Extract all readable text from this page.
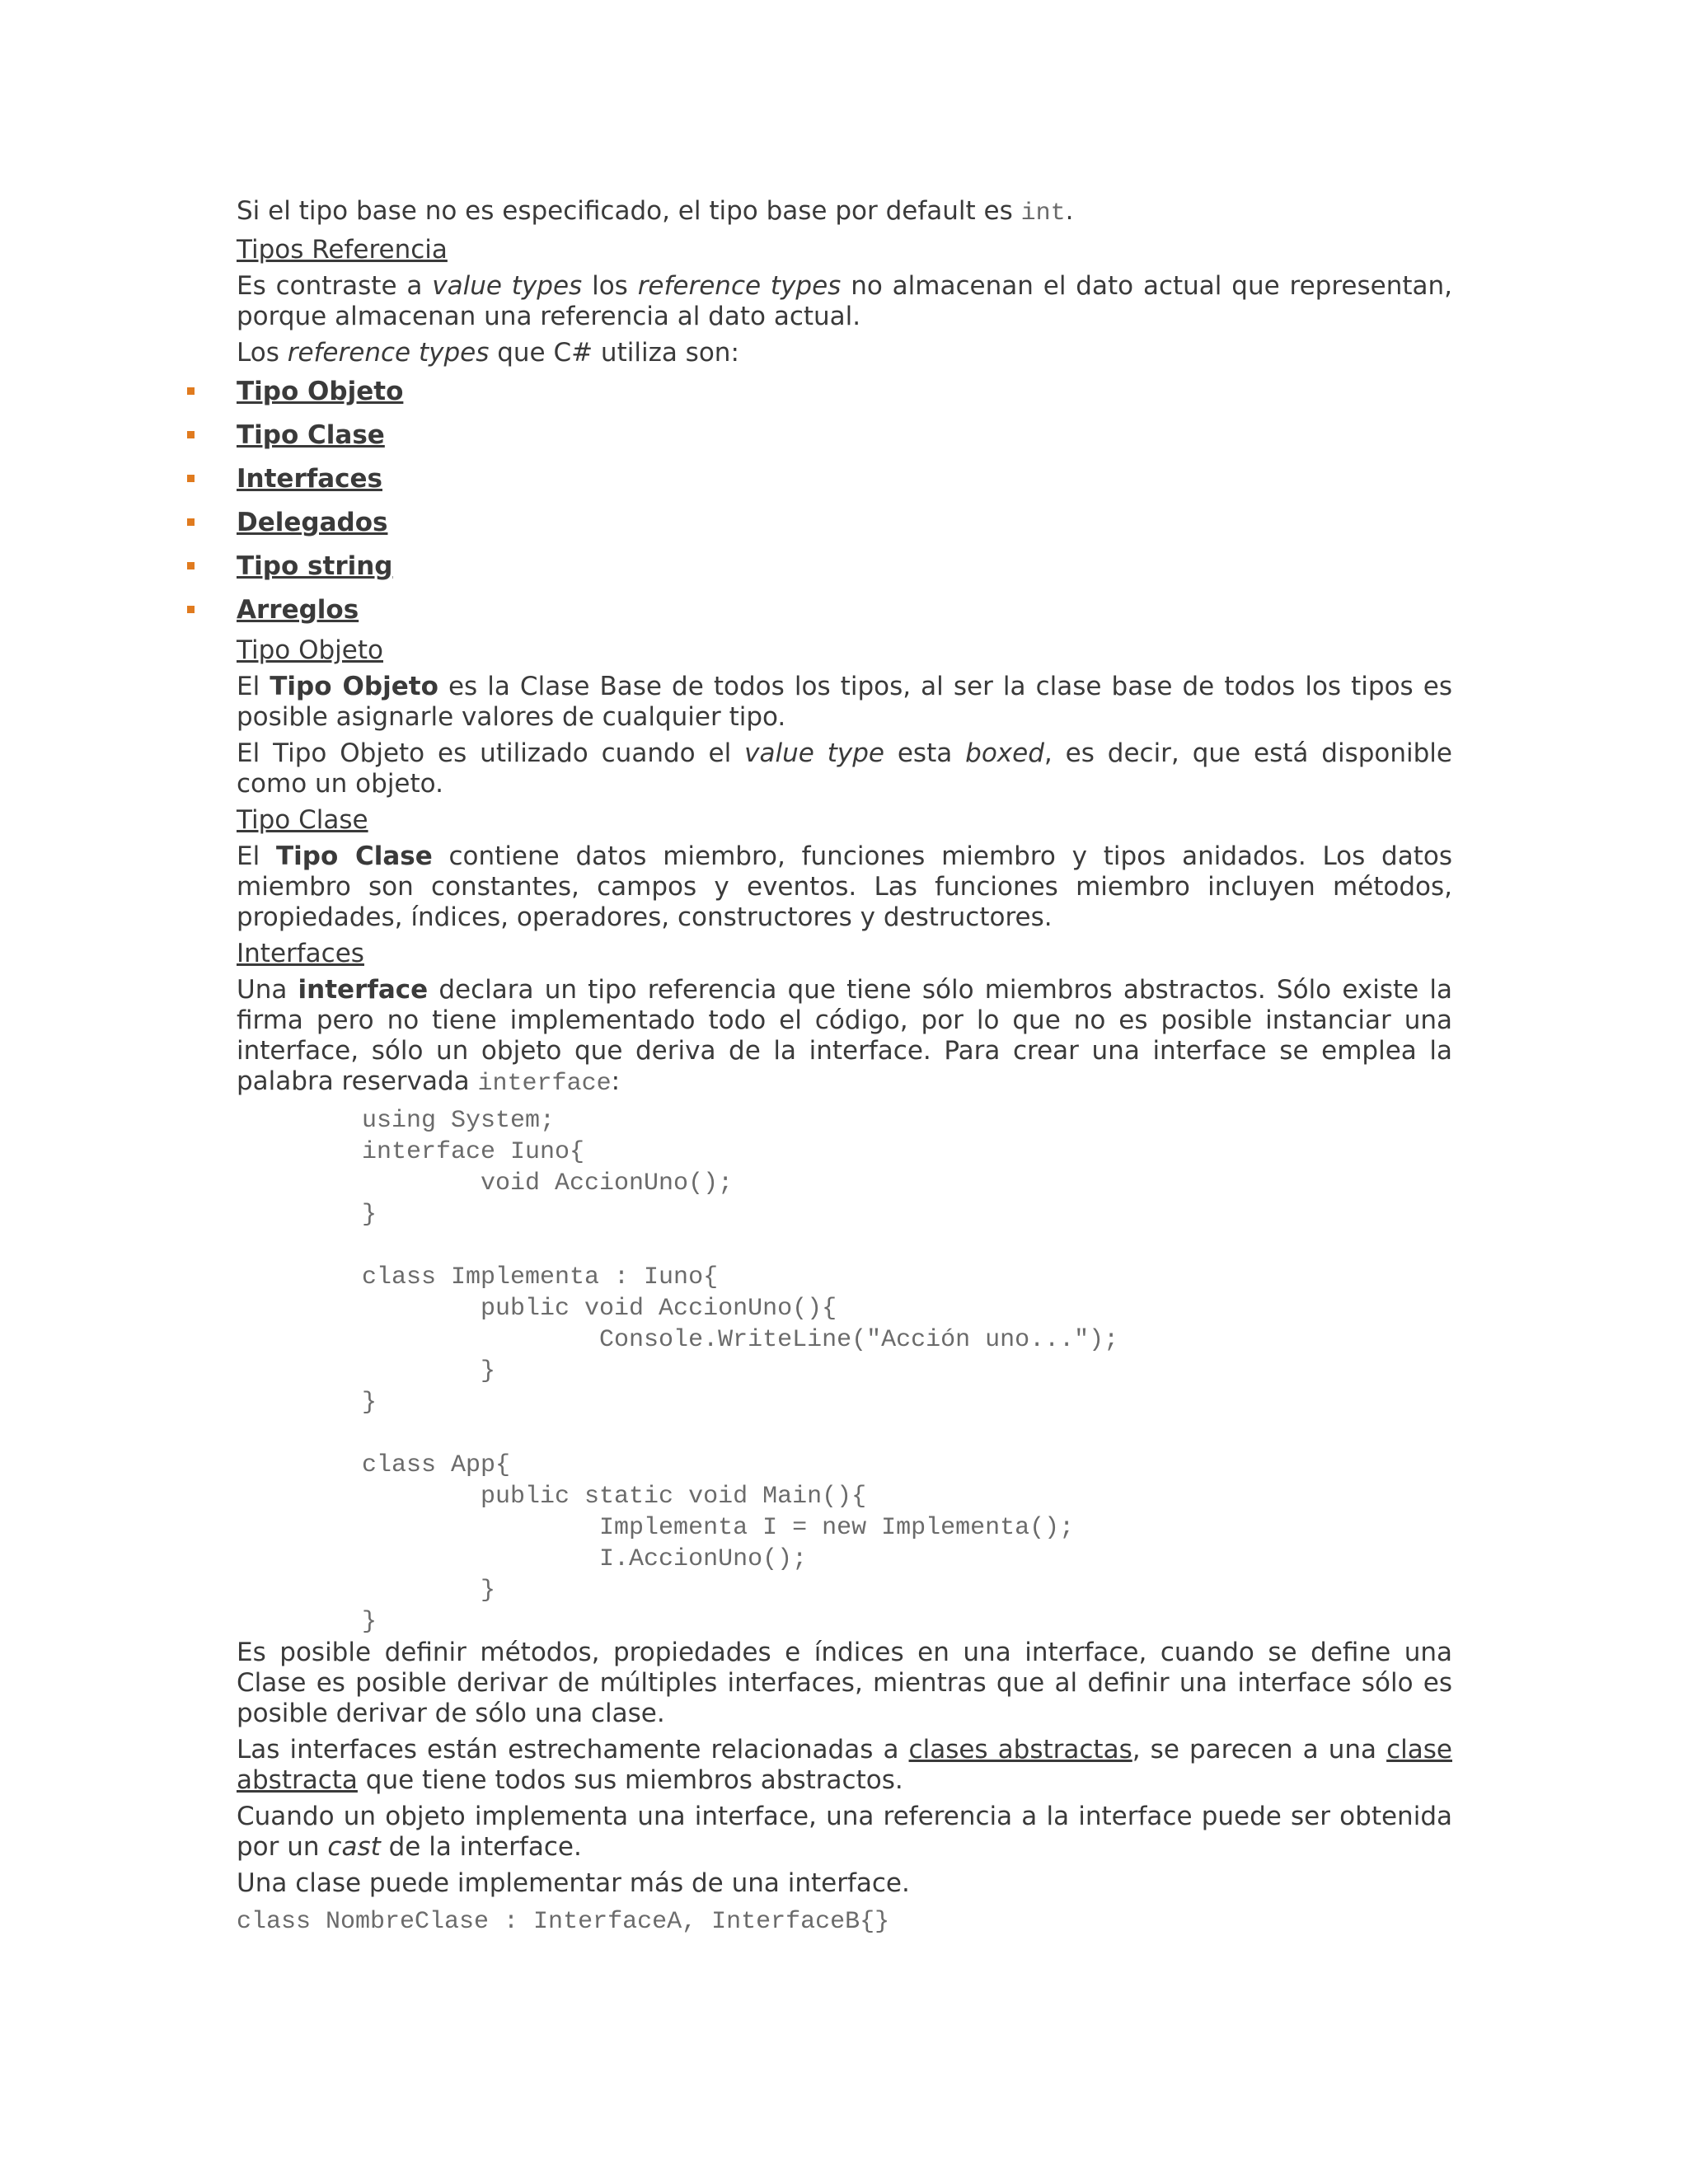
Si el tipo base no es especificado, el tipo base por default es int.

Tipos Referencia

Es contraste a value types los reference types no almacenan el dato actual que representan, porque almacenan una referencia al dato actual.

Los reference types que C# utiliza son:

Tipo Objeto
Tipo Clase
Interfaces
Delegados
Tipo string
Arreglos

Tipo Objeto

El Tipo Objeto es la Clase Base de todos los tipos, al ser la clase base de todos los tipos es posible asignarle valores de cualquier tipo.

El Tipo Objeto es utilizado cuando el value type esta boxed, es decir, que está disponible como un objeto.

Tipo Clase

El Tipo Clase contiene datos miembro, funciones miembro y tipos anidados. Los datos miembro son constantes, campos y eventos. Las funciones miembro incluyen métodos, propiedades, índices, operadores, constructores y destructores.

Interfaces

Una interface declara un tipo referencia que tiene sólo miembros abstractos. Sólo existe la firma pero no tiene implementado todo el código, por lo que no es posible instanciar una interface, sólo un objeto que deriva de la interface. Para crear una interface se emplea la palabra reservada interface:

using System;
interface Iuno{
void AccionUno();
}

class Implementa : Iuno{
public void AccionUno(){
Console.WriteLine("Acción uno...");
}
}

class App{
public static void Main(){
Implementa I = new Implementa();
I.AccionUno();
}
}

Es posible definir métodos, propiedades e índices en una interface, cuando se define una Clase es posible derivar de múltiples interfaces, mientras que al definir una interface sólo es posible derivar de sólo una clase.

Las interfaces están estrechamente relacionadas a clases abstractas, se parecen a una clase abstracta que tiene todos sus miembros abstractos.

Cuando un objeto implementa una interface, una referencia a la interface puede ser obtenida por un cast de la interface.

Una clase puede implementar más de una interface.

class NombreClase : InterfaceA, InterfaceB{}
